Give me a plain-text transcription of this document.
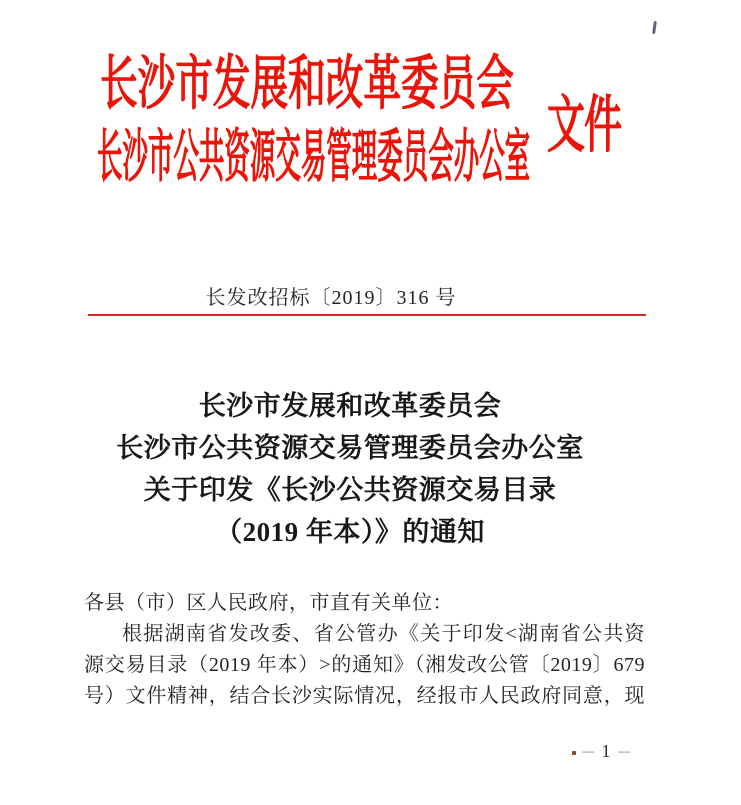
长沙市发展和改革委员会
长沙市公共资源交易管理委员会办公室 文件
长发改招标〔2019〕316 号
长沙市发展和改革委员会
长沙市公共资源交易管理委员会办公室
关于印发《长沙公共资源交易目录
（2019 年本）》的通知
各县（市）区人民政府，市直有关单位：
根据湖南省发改委、省公管办《关于印发<湖南省公共资
源交易目录（2019 年本）>的通知》（湘发改公管〔2019〕679
号）文件精神，结合长沙实际情况，经报市人民政府同意，现
– 1 –
